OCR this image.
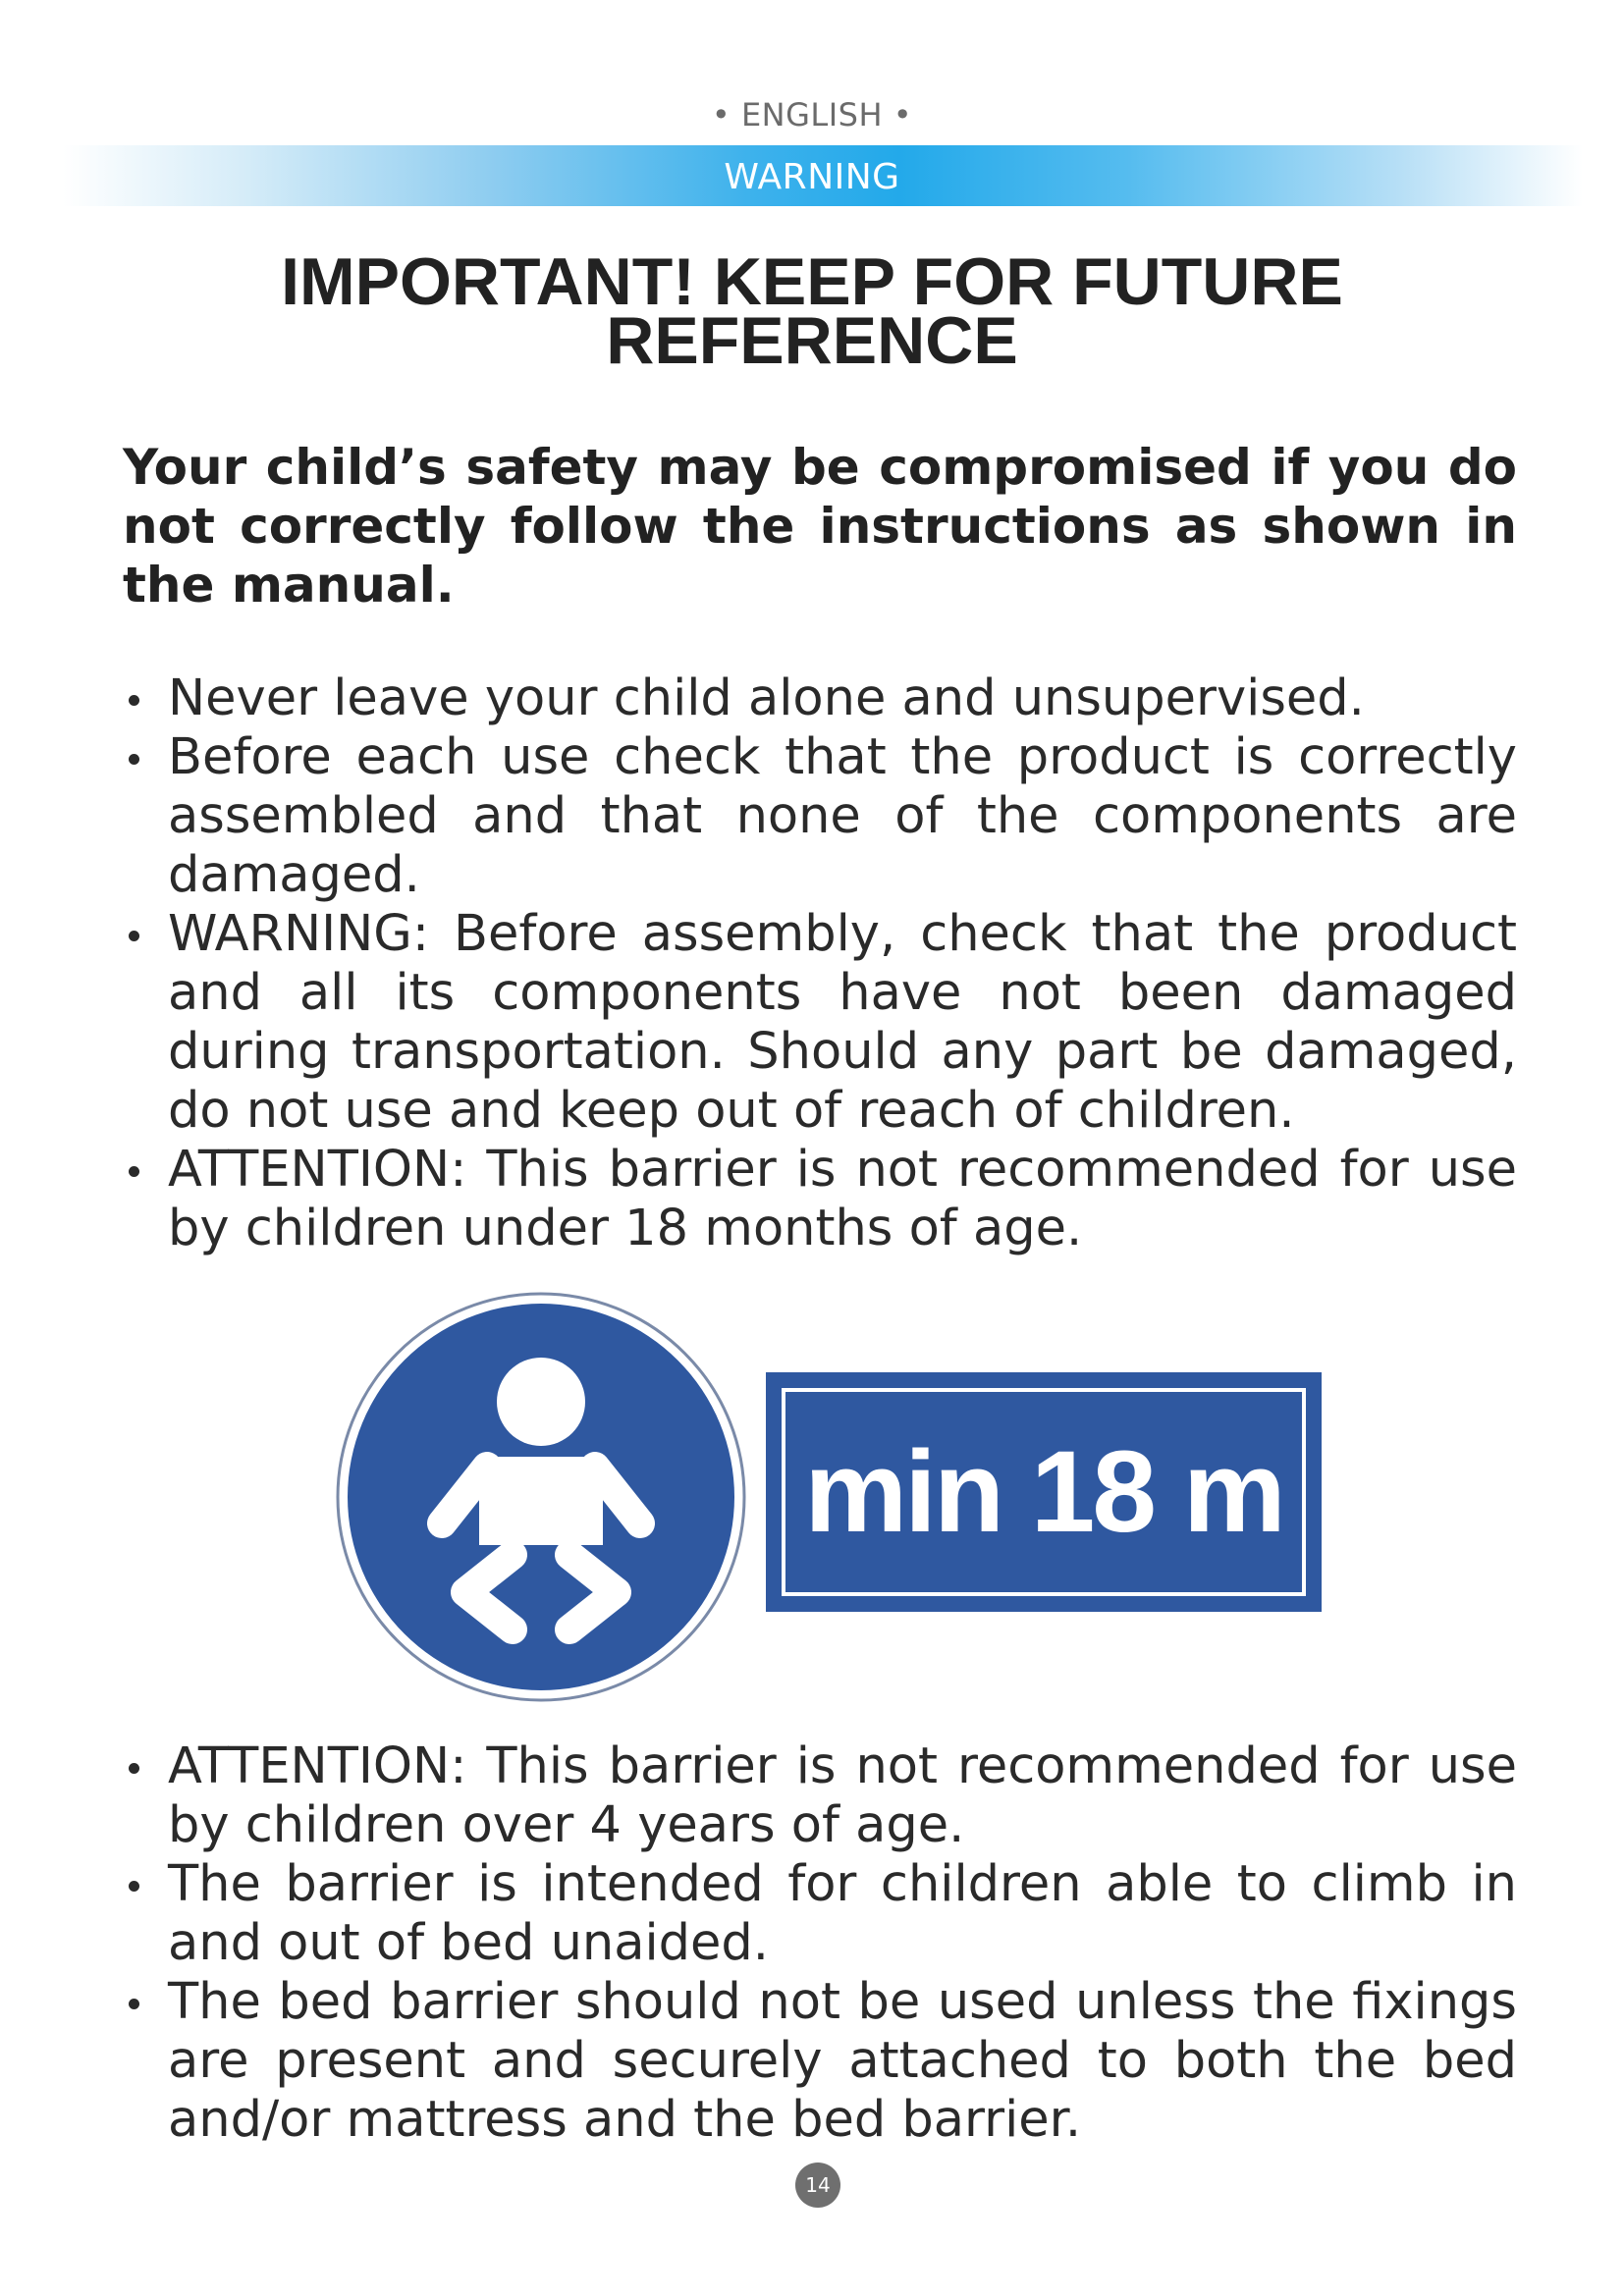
• ENGLISH •
WARNING
IMPORTANT! KEEP FOR FUTURE REFERENCE
Your child’s safety may be compromised if you do not correctly follow the instructions as shown in the manual.
Never leave your child alone and unsupervised.
Before each use check that the product is correctly assembled and that none of the components are damaged.
WARNING: Before assembly, check that the product and all its components have not been damaged during transportation. Should any part be damaged, do not use and keep out of reach of children.
ATTENTION: This barrier is not recommended for use by children under 18 months of age.
min 18 m
ATTENTION: This barrier is not recommended for use by children over 4 years of age.
The barrier is intended for children able to climb in and out of bed unaided.
The bed barrier should not be used unless the fixings are present and securely attached to both the bed and/or mattress and the bed barrier.
14
